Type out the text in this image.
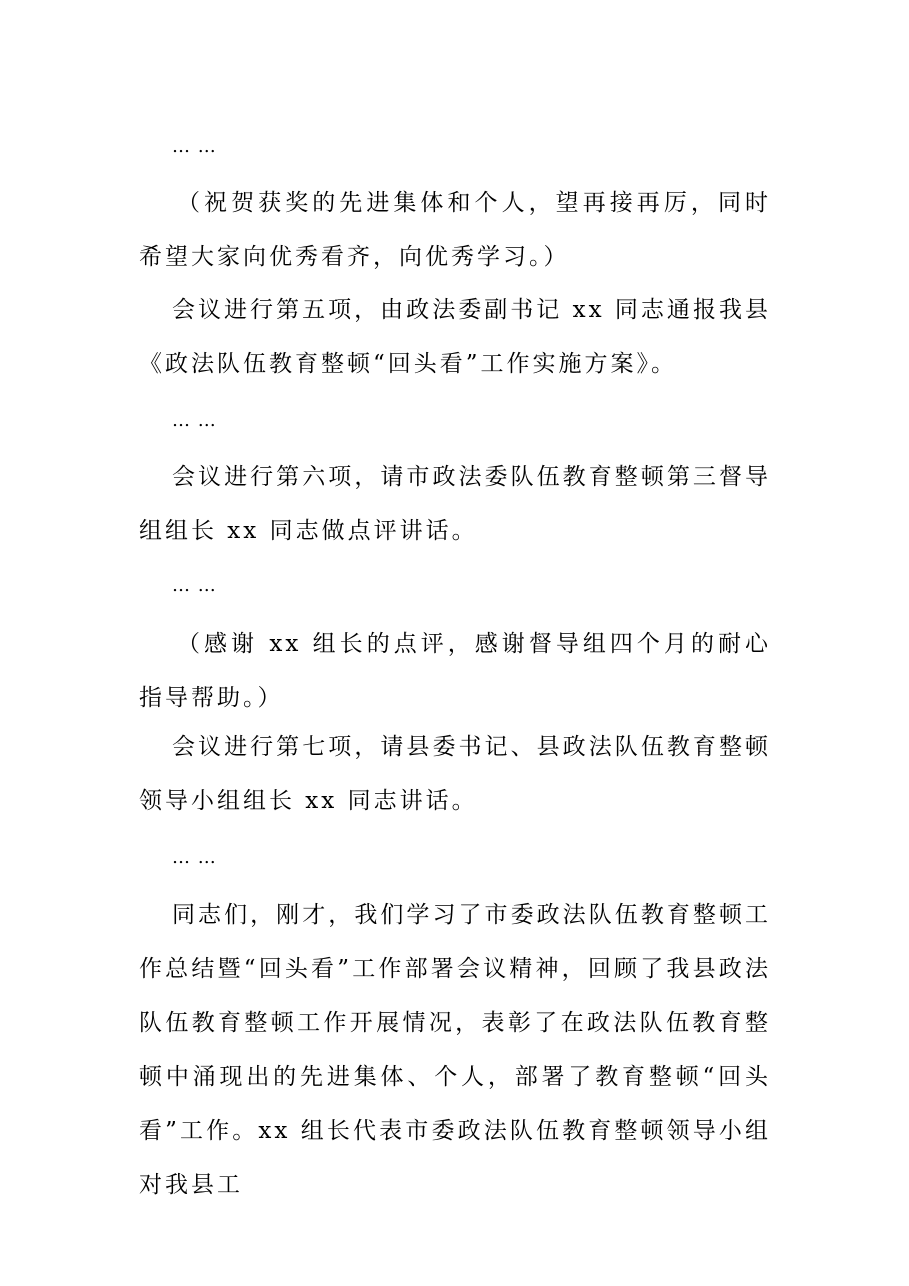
… …

（祝贺获奖的先进集体和个人，望再接再厉，同时希望大家向优秀看齐，向优秀学习。）

会议进行第五项，由政法委副书记 xx 同志通报我县《政法队伍教育整顿“回头看”工作实施方案》。

… …

会议进行第六项，请市政法委队伍教育整顿第三督导组组长 xx 同志做点评讲话。

… …

（感谢 xx 组长的点评，感谢督导组四个月的耐心指导帮助。）

会议进行第七项，请县委书记、县政法队伍教育整顿领导小组组长 xx 同志讲话。

… …

同志们，刚才，我们学习了市委政法队伍教育整顿工作总结暨“回头看”工作部署会议精神，回顾了我县政法队伍教育整顿工作开展情况，表彰了在政法队伍教育整顿中涌现出的先进集体、个人，部署了教育整顿“回头看”工作。xx 组长代表市委政法队伍教育整顿领导小组对我县工
